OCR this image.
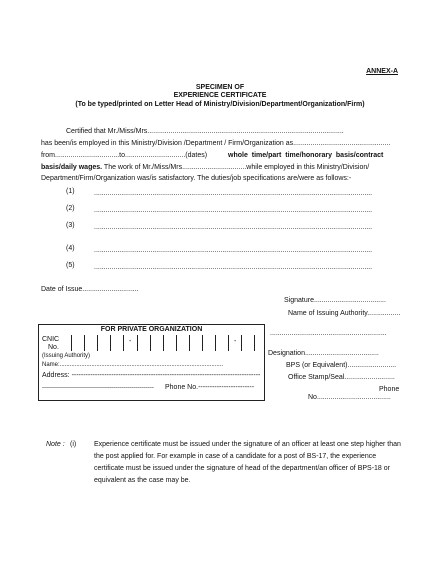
ANNEX-A
SPECIMEN OF
EXPERIENCE CERTIFICATE
(To be typed/printed on Letter Head of Ministry/Division/Department/Organization/Firm)
Certified that Mr./Miss/Mrs.....................................................................................................
has been/is employed in this Ministry/Division /Department / Firm/Organization as..................................................
from.................................to...............................(dates)	whole time/part time/honorary basis/contract
basis/daily wages. The work of Mr./Miss/Mrs.................................while employed in this Ministry/Division/
Department/Firm/Organization was/is satisfactory. The duties/job specifications are/were as follows:-
(1)	...............................................................................................................................................
(2)	...............................................................................................................................................
(3)	...............................................................................................................................................
(4)	...............................................................................................................................................
(5)	...............................................................................................................................................
Date of Issue.............................
Signature.....................................
Name of Issuing Authority.................
............................................................
Designation......................................
BPS (or Equivalent).........................
Office Stamp/Seal..........................
Phone
No......................................
FOR PRIVATE ORGANIZATION
CNIC
No.
-	-
(Issuing Authority)
Name:..................................................................................................
Address: ---------------------------------------------------------------------------------
-------------------------------------------------------- Phone No.------------------------
Note : (i)	Experience certificate must be issued under the signature of an officer at least one step higher than
the post applied for. For example in case of a candidate for a post of BS-17, the experience
certificate must be issued under the signature of head of the department/an officer of BPS-18 or
equivalent as the case may be.
